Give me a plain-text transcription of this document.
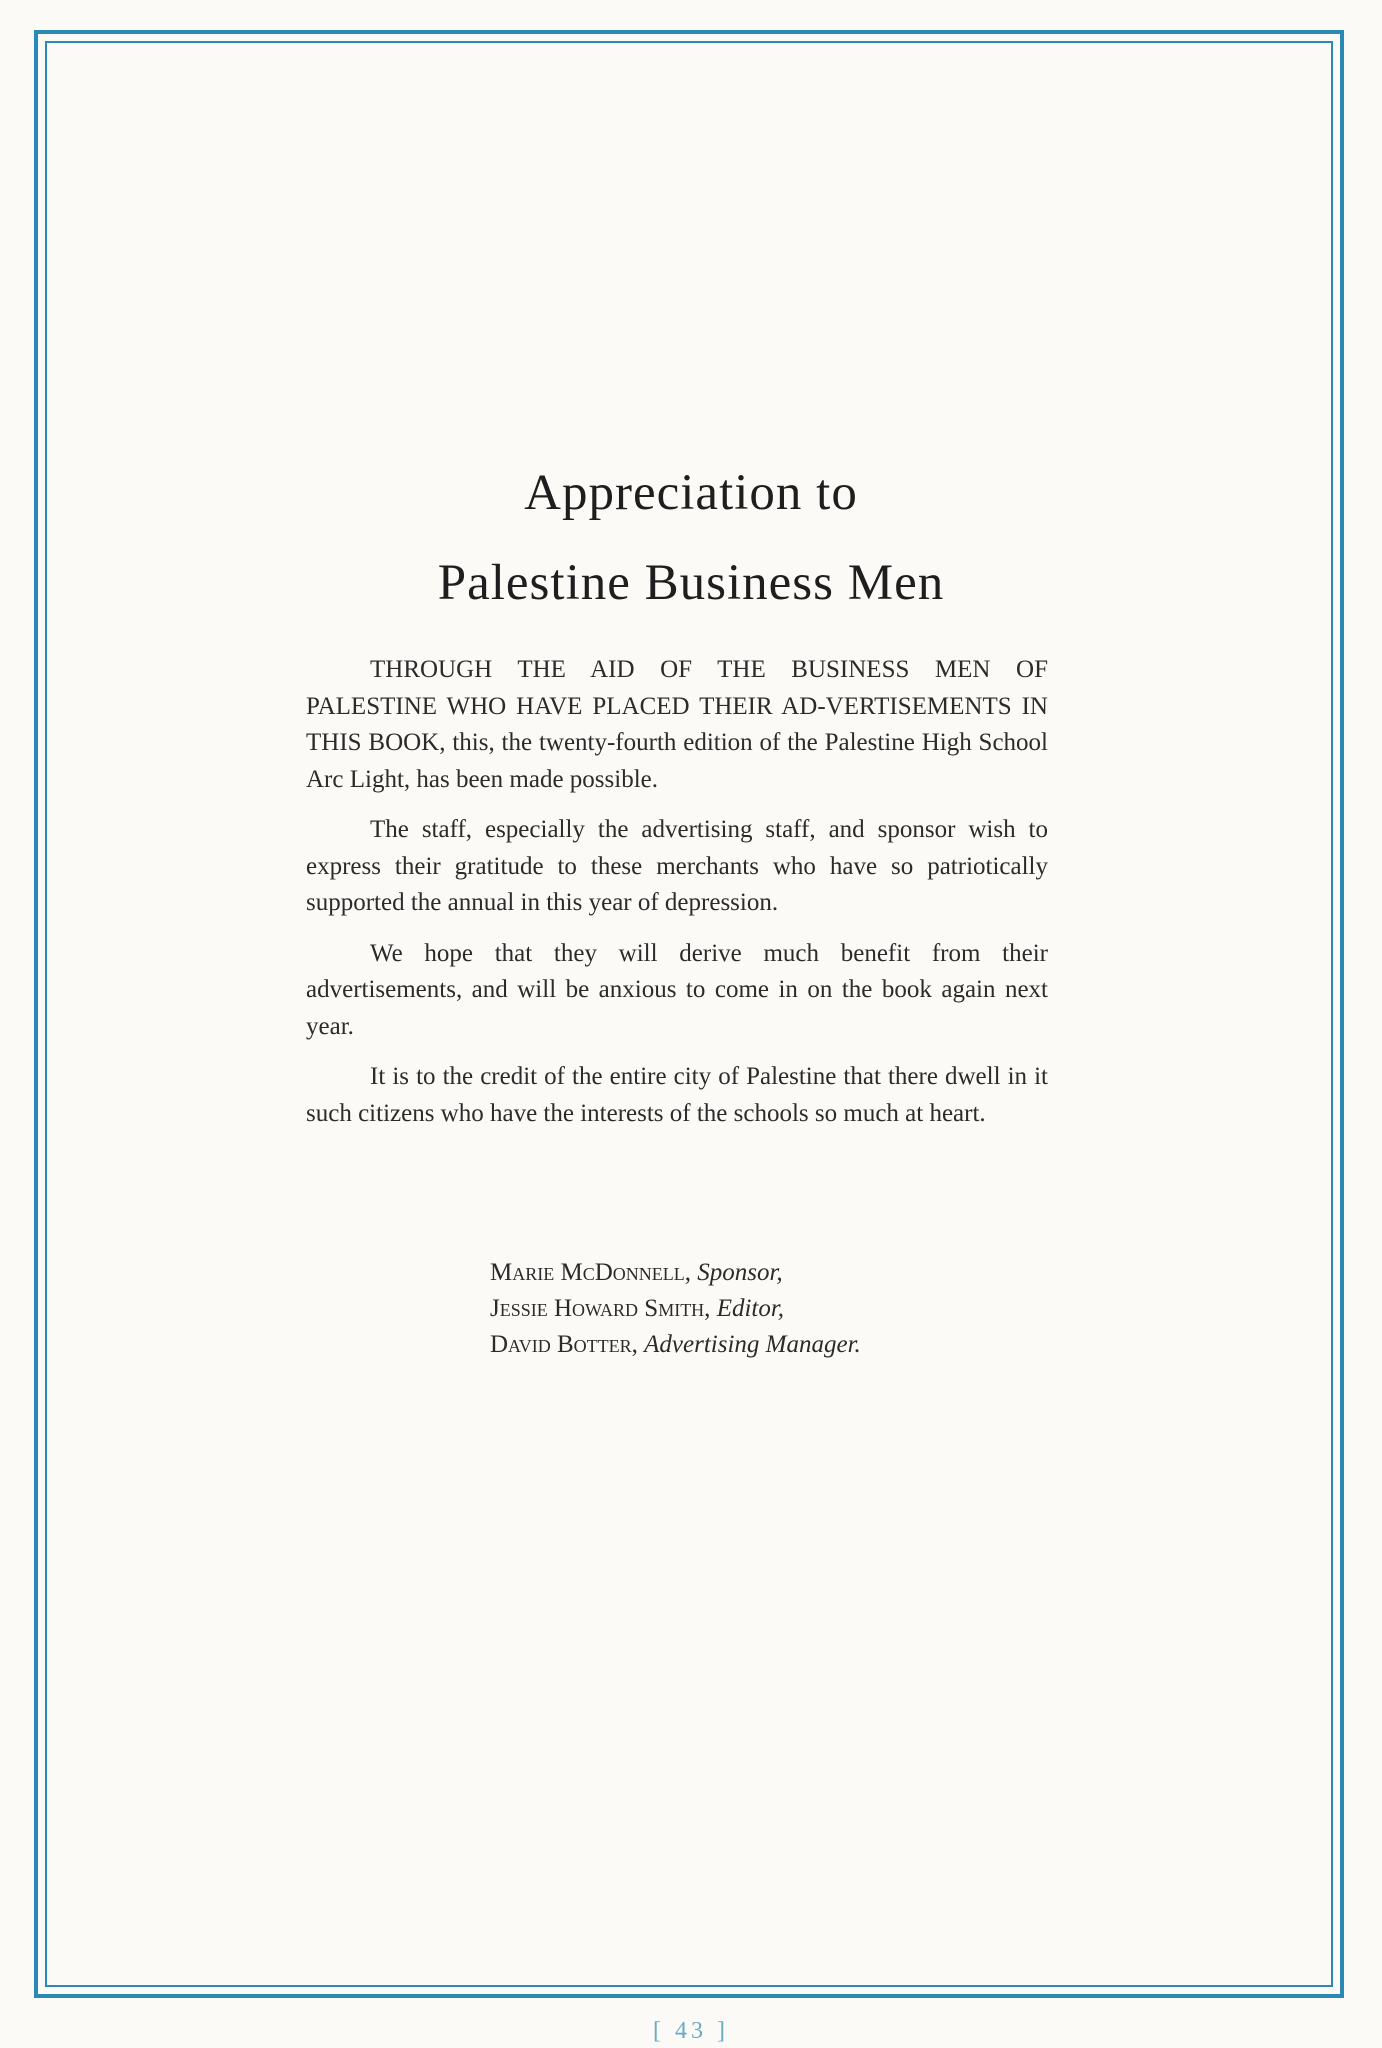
Appreciation to
Palestine Business Men

THROUGH THE AID OF THE BUSINESS MEN OF PALESTINE WHO HAVE PLACED THEIR AD-VERTISEMENTS IN THIS BOOK, this, the twenty-fourth edition of the Palestine High School Arc Light, has been made possible.

The staff, especially the advertising staff, and sponsor wish to express their gratitude to these merchants who have so patriotically supported the annual in this year of depression.

We hope that they will derive much benefit from their advertisements, and will be anxious to come in on the book again next year.

It is to the credit of the entire city of Palestine that there dwell in it such citizens who have the interests of the schools so much at heart.

Marie McDonnell, Sponsor,
Jessie Howard Smith, Editor,
David Botter, Advertising Manager.
[ 43 ]
